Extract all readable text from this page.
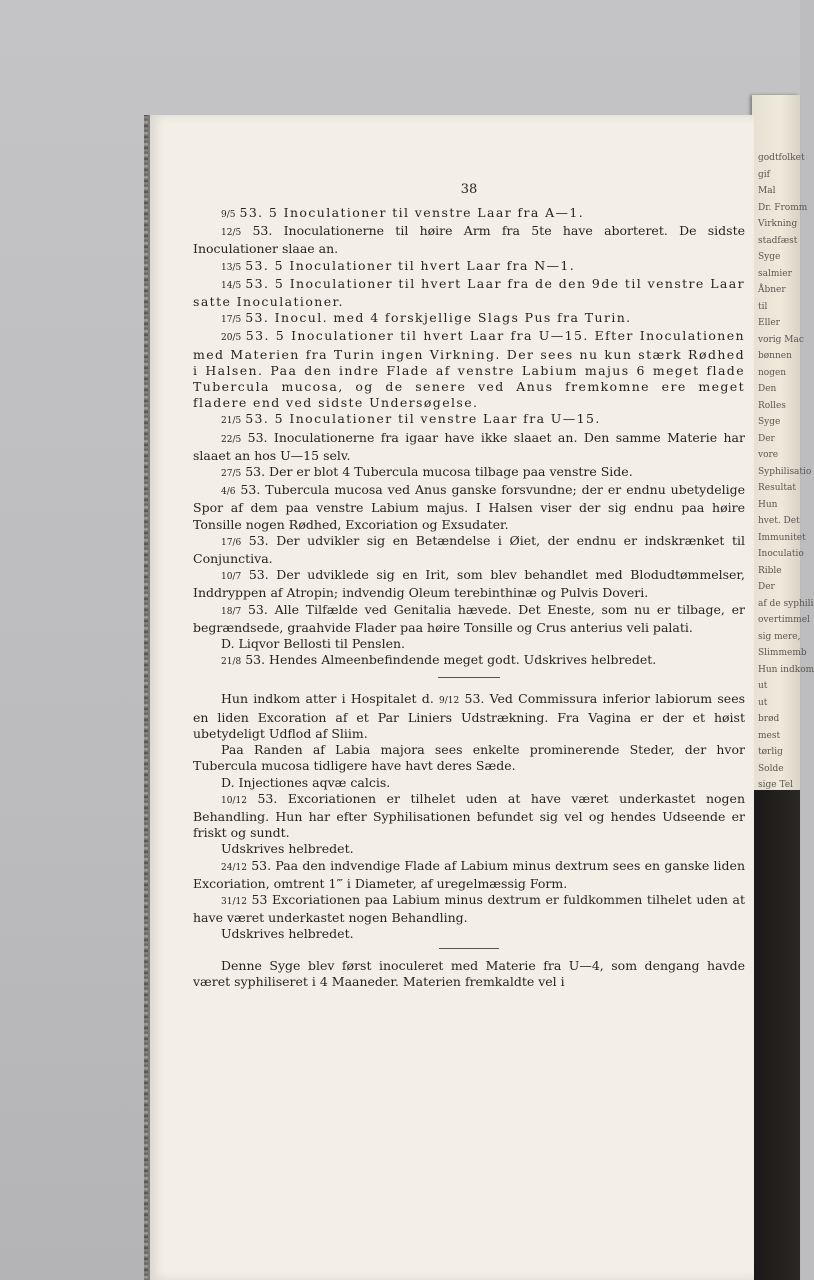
godtfolket
gif
Mal
Dr. Fromm
Virkning
stadfæst
Syge
salmier
Åbner
til
Eller
vorig Mac
bønnen
nogen
Den
Rolles
Syge
Der
vore
Syphilisatio
Resultat
Hun
hvet. Det
Immunitet
Inoculatio
Rible
Der
af de syphili
overtimmel
sig mere,
Slimmemb
Hun indkom
ut
ut
brød
mest
tørlig
Solde
sige Tel
38

9/5 53. 5 Inoculationer til venstre Laar fra A—1.

12/5 53. Inoculationerne til høire Arm fra 5te have aborteret. De sidste Inoculationer slaae an.

13/5 53. 5 Inoculationer til hvert Laar fra N—1.

14/5 53. 5 Inoculationer til hvert Laar fra de den 9de til venstre Laar satte Inoculationer.

17/5 53. Inocul. med 4 forskjellige Slags Pus fra Turin.

20/5 53. 5 Inoculationer til hvert Laar fra U—15. Efter Inoculationen med Materien fra Turin ingen Virkning. Der sees nu kun stærk Rødhed i Halsen. Paa den indre Flade af venstre Labium majus 6 meget flade Tubercula mucosa, og de senere ved Anus fremkomne ere meget fladere end ved sidste Undersøgelse.

21/5 53. 5 Inoculationer til venstre Laar fra U—15.

22/5 53. Inoculationerne fra igaar have ikke slaaet an. Den samme Materie har slaaet an hos U—15 selv.

27/5 53. Der er blot 4 Tubercula mucosa tilbage paa venstre Side.

4/6 53. Tubercula mucosa ved Anus ganske forsvundne; der er endnu ubetydelige Spor af dem paa venstre Labium majus. I Halsen viser der sig endnu paa høire Tonsille nogen Rødhed, Excoriation og Exsudater.

17/6 53. Der udvikler sig en Betændelse i Øiet, der endnu er indskrænket til Conjunctiva.

10/7 53. Der udviklede sig en Irit, som blev behandlet med Blodudtømmelser, Inddryppen af Atropin; indvendig Oleum terebinthinæ og Pulvis Doveri.

18/7 53. Alle Tilfælde ved Genitalia hævede. Det Eneste, som nu er tilbage, er begrændsede, graahvide Flader paa høire Tonsille og Crus anterius veli palati.

D. Liqvor Bellosti til Penslen.

21/8 53. Hendes Almeenbefindende meget godt. Udskrives helbredet.

Hun indkom atter i Hospitalet d. 9/12 53. Ved Commissura inferior labiorum sees en liden Excoration af et Par Liniers Udstrækning. Fra Vagina er der et høist ubetydeligt Udflod af Sliim.

Paa Randen af Labia majora sees enkelte prominerende Steder, der hvor Tubercula mucosa tidligere have havt deres Sæde.

D. Injectiones aqvæ calcis.

10/12 53. Excoriationen er tilhelet uden at have været underkastet nogen Behandling. Hun har efter Syphilisationen befundet sig vel og hendes Udseende er friskt og sundt.

Udskrives helbredet.

24/12 53. Paa den indvendige Flade af Labium minus dextrum sees en ganske liden Excoriation, omtrent 1‴ i Diameter, af uregelmæssig Form.

31/12 53 Excoriationen paa Labium minus dextrum er fuldkommen tilhelet uden at have været underkastet nogen Behandling.

Udskrives helbredet.

Denne Syge blev først inoculeret med Materie fra U—4, som dengang havde været syphiliseret i 4 Maaneder. Materien fremkaldte vel i
